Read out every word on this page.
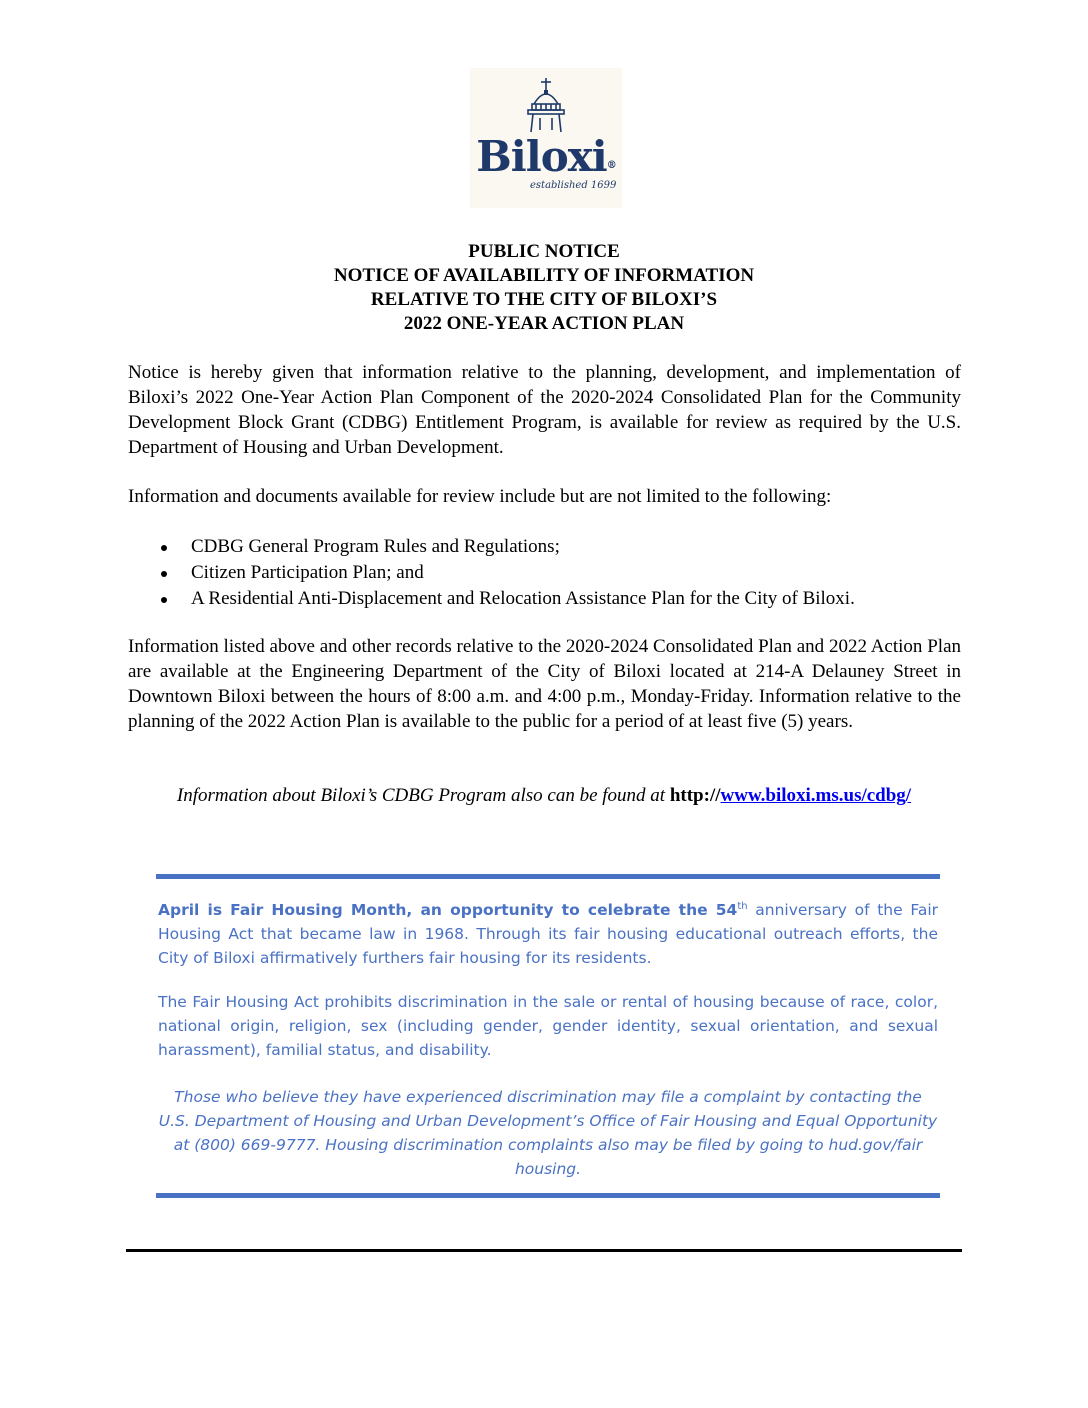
Biloxi®
established 1699
PUBLIC NOTICE
NOTICE OF AVAILABILITY OF INFORMATION
RELATIVE TO THE CITY OF BILOXI’S
2022 ONE-YEAR ACTION PLAN
Notice is hereby given that information relative to the planning, development, and implementation of Biloxi’s 2022 One-Year Action Plan Component of the 2020-2024 Consolidated Plan for the Community Development Block Grant (CDBG) Entitlement Program, is available for review as required by the U.S. Department of Housing and Urban Development.
Information and documents available for review include but are not limited to the following:
CDBG General Program Rules and Regulations;
Citizen Participation Plan; and
A Residential Anti-Displacement and Relocation Assistance Plan for the City of Biloxi.
Information listed above and other records relative to the 2020-2024 Consolidated Plan and 2022 Action Plan are available at the Engineering Department of the City of Biloxi located at 214-A Delauney Street in Downtown Biloxi between the hours of 8:00 a.m. and 4:00 p.m., Monday-Friday. Information relative to the planning of the 2022 Action Plan is available to the public for a period of at least five (5) years.
Information about Biloxi’s CDBG Program also can be found at http://www.biloxi.ms.us/cdbg/
April is Fair Housing Month, an opportunity to celebrate the 54th anniversary of the Fair Housing Act that became law in 1968. Through its fair housing educational outreach efforts, the City of Biloxi affirmatively furthers fair housing for its residents.
The Fair Housing Act prohibits discrimination in the sale or rental of housing because of race, color, national origin, religion, sex (including gender, gender identity, sexual orientation, and sexual harassment), familial status, and disability.
Those who believe they have experienced discrimination may file a complaint by contacting the U.S. Department of Housing and Urban Development’s Office of Fair Housing and Equal Opportunity at (800) 669-9777. Housing discrimination complaints also may be filed by going to hud.gov/fair housing.
